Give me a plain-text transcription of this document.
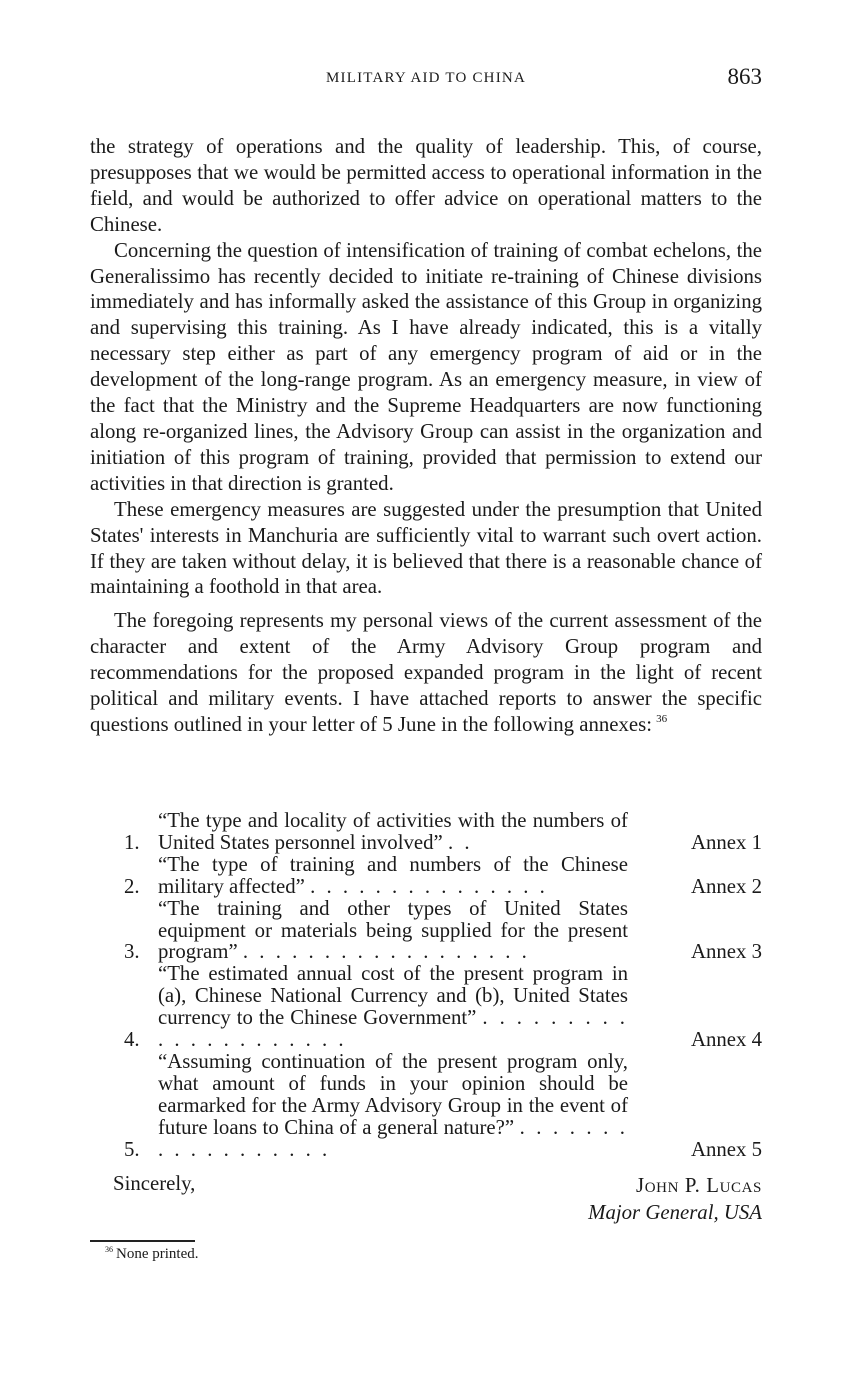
MILITARY AID TO CHINA	863

the strategy of operations and the quality of leadership. This, of course, presupposes that we would be permitted access to operational information in the field, and would be authorized to offer advice on operational matters to the Chinese.

Concerning the question of intensification of training of combat echelons, the Generalissimo has recently decided to initiate re-training of Chinese divisions immediately and has informally asked the assistance of this Group in organizing and supervising this training. As I have already indicated, this is a vitally necessary step either as part of any emergency program of aid or in the development of the long-range program. As an emergency measure, in view of the fact that the Ministry and the Supreme Headquarters are now functioning along re-organized lines, the Advisory Group can assist in the organization and initiation of this program of training, provided that permission to extend our activities in that direction is granted.

These emergency measures are suggested under the presumption that United States' interests in Manchuria are sufficiently vital to warrant such overt action. If they are taken without delay, it is believed that there is a reasonable chance of maintaining a foothold in that area.

The foregoing represents my personal views of the current assessment of the character and extent of the Army Advisory Group program and recommendations for the proposed expanded program in the light of recent political and military events. I have attached reports to answer the specific questions outlined in your letter of 5 June in the following annexes:  $^{36}$

1.
“The type and locality of activities with the numbers of United States personnel involved” . .	Annex 1
2.
“The type of training and numbers of the Chinese military affected” . . . . . . . . . . . . . . .	Annex 2
3.
“The training and other types of United States equipment or materials being supplied for the present program” . . . . . . . . . . . . . . . . . .	Annex 3
4.
“The estimated annual cost of the present program in (a), Chinese National Currency and (b), United States currency to the Chinese Government” . . . . . . . . . . . . . . . . . . . . .	Annex 4
5.
“Assuming continuation of the present program only, what amount of funds in your opinion should be earmarked for the Army Advisory Group in the event of future loans to China of a general nature?” . . . . . . . . . . . . . . . . . .	Annex 5
Sincerely,	John P. Lucas
Major General, USA
$^{36}$  None printed.
